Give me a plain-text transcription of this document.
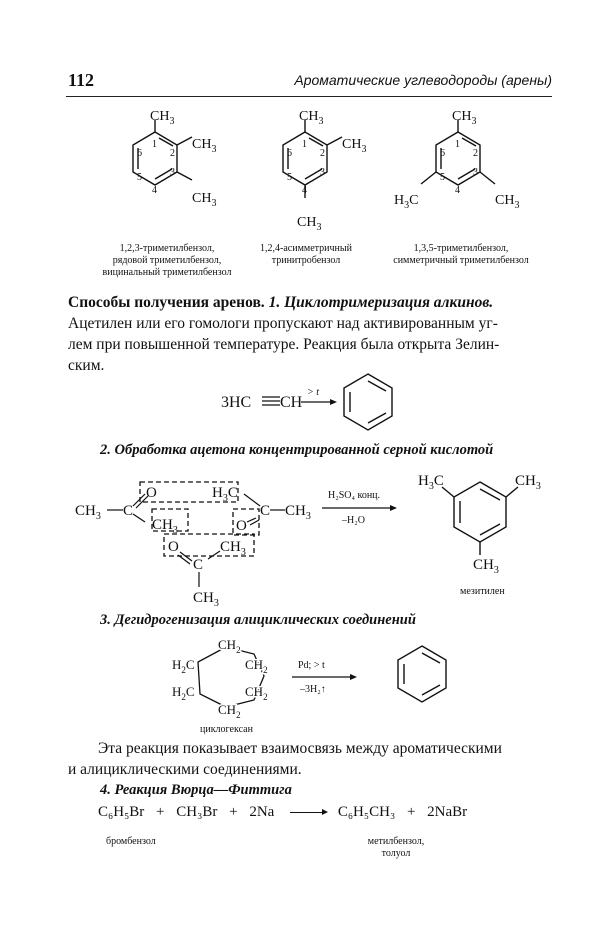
112	Ароматические углеводороды (арены)
$CH_3$
$CH_3$
$CH_3$
1
2
3
4
5
6
$CH_3$
$CH_3$
$CH_3$
1
2
3
4
5
6
$CH_3$
$H_3C$	$CH_3$
1
2
3
4
5
6
1,2,3-триметилбензол,
рядовой триметилбензол,
вицинальный триметилбензол
1,2,4-асимметричный
тринитробензол
1,3,5-триметилбензол,
симметричный триметилбензол
Способы получения аренов. 1. Циклотримеризация алкинов.
Ацетилен или его гомологи пропускают над активированным уг-
лем при повышенной температуре. Реакция была открыта Зелин-
ским.
3HC CH
> t
2. Обработка ацетона концентрированной серной кислотой
$CH_3$ C
O
$CH_3$
$H_3C$
C $CH_3$
O
O
C
$CH_3$
$CH_3$
H₂SO₄ конц.
–H₂O
$H_3C$	$CH_3$
$CH_3$
мезитилен
3. Дегидрогенизация алициклических соединений
$CH_2$
$H_2C$	$CH_2$
$H_2C$	$CH_2$
$CH_2$
циклогексан
Pd; > t
–3H₂↑
Эта реакция показывает взаимосвязь между ароматическими
и алициклическими соединениями.
4. Реакция Вюрца—Фиттига
C₆H₅Br + CH₃Br + 2Na	C₆H₅CH₃ + 2NaBr
бромбензол	метилбензол,
толуол
